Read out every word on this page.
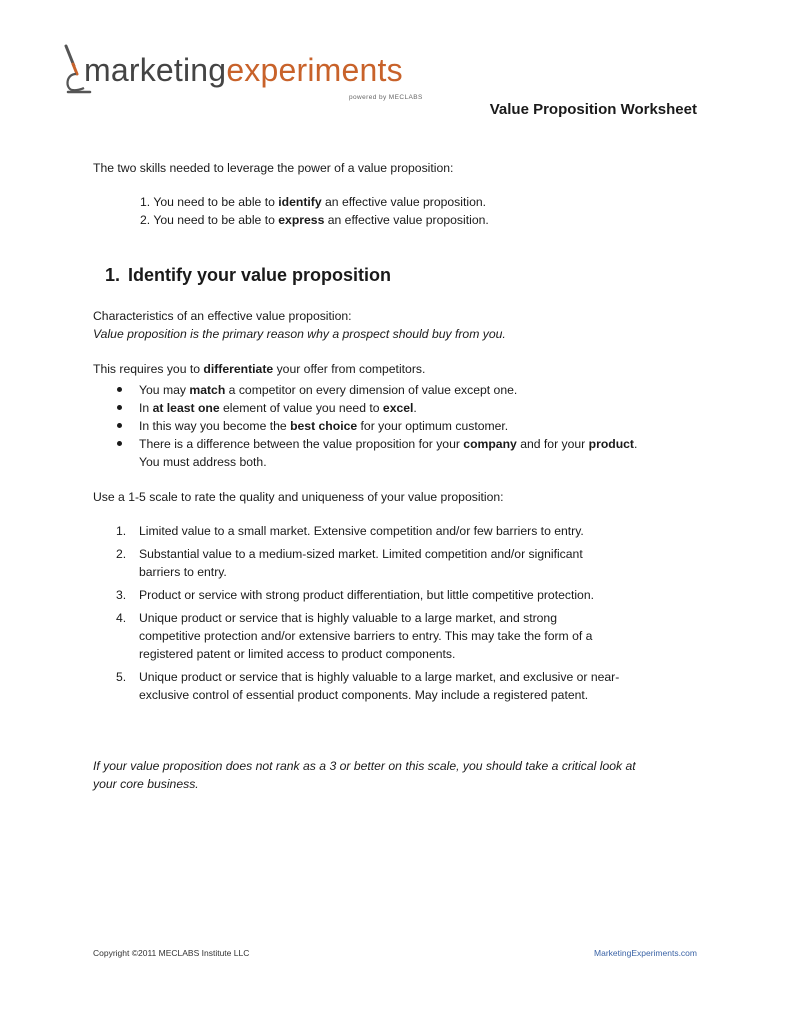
marketingexperiments
powered by MECLABS
Value Proposition Worksheet
The two skills needed to leverage the power of a value proposition:
1. You need to be able to identify an effective value proposition.
2. You need to be able to express an effective value proposition.
1. Identify your value proposition
Characteristics of an effective value proposition:
Value proposition is the primary reason why a prospect should buy from you.
This requires you to differentiate your offer from competitors.
You may match a competitor on every dimension of value except one.
In at least one element of value you need to excel.
In this way you become the best choice for your optimum customer.
There is a difference between the value proposition for your company and for your product.
You must address both.
Use a 1-5 scale to rate the quality and uniqueness of your value proposition:
1. Limited value to a small market. Extensive competition and/or few barriers to entry.
2. Substantial value to a medium-sized market. Limited competition and/or significant
barriers to entry.
3. Product or service with strong product differentiation, but little competitive protection.
4. Unique product or service that is highly valuable to a large market, and strong
competitive protection and/or extensive barriers to entry. This may take the form of a
registered patent or limited access to product components.
5. Unique product or service that is highly valuable to a large market, and exclusive or near-
exclusive control of essential product components. May include a registered patent.
If your value proposition does not rank as a 3 or better on this scale, you should take a critical look at
your core business.
Copyright ©2011 MECLABS Institute LLC	MarketingExperiments.com
